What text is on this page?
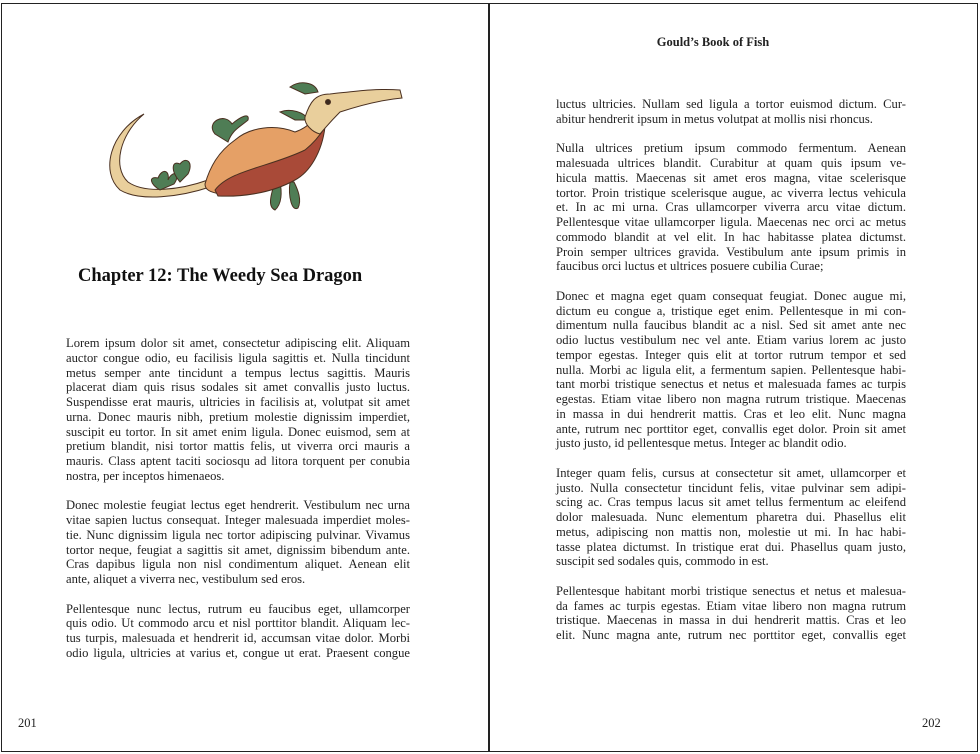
Chapter 12: The Weedy Sea Dragon
Lorem ipsum dolor sit amet, consectetur adipiscing elit. Aliquam
auctor congue odio, eu facilisis ligula sagittis et. Nulla tincidunt
metus semper ante tincidunt a tempus lectus sagittis. Mauris
placerat diam quis risus sodales sit amet convallis justo luctus.
Suspendisse erat mauris, ultricies in facilisis at, volutpat sit amet
urna. Donec mauris nibh, pretium molestie dignissim imperdiet,
suscipit eu tortor. In sit amet enim ligula. Donec euismod, sem at
pretium blandit, nisi tortor mattis felis, ut viverra orci mauris a
mauris. Class aptent taciti sociosqu ad litora torquent per conubia
nostra, per inceptos himenaeos.
Donec molestie feugiat lectus eget hendrerit. Vestibulum nec urna
vitae sapien luctus consequat. Integer malesuada imperdiet moles-
tie. Nunc dignissim ligula nec tortor adipiscing pulvinar. Vivamus
tortor neque, feugiat a sagittis sit amet, dignissim bibendum ante.
Cras dapibus ligula non nisl condimentum aliquet. Aenean elit
ante, aliquet a viverra nec, vestibulum sed eros.
Pellentesque nunc lectus, rutrum eu faucibus eget, ullamcorper
quis odio. Ut commodo arcu et nisl porttitor blandit. Aliquam lec-
tus turpis, malesuada et hendrerit id, accumsan vitae dolor. Morbi
odio ligula, ultricies at varius et, congue ut erat. Praesent congue
201
Gould’s Book of Fish
luctus ultricies. Nullam sed ligula a tortor euismod dictum. Cur-
abitur hendrerit ipsum in metus volutpat at mollis nisi rhoncus.
Nulla ultrices pretium ipsum commodo fermentum. Aenean
malesuada ultrices blandit. Curabitur at quam quis ipsum ve-
hicula mattis. Maecenas sit amet eros magna, vitae scelerisque
tortor. Proin tristique scelerisque augue, ac viverra lectus vehicula
et. In ac mi urna. Cras ullamcorper viverra arcu vitae dictum.
Pellentesque vitae ullamcorper ligula. Maecenas nec orci ac metus
commodo blandit at vel elit. In hac habitasse platea dictumst.
Proin semper ultrices gravida. Vestibulum ante ipsum primis in
faucibus orci luctus et ultrices posuere cubilia Curae;
Donec et magna eget quam consequat feugiat. Donec augue mi,
dictum eu congue a, tristique eget enim. Pellentesque in mi con-
dimentum nulla faucibus blandit ac a nisl. Sed sit amet ante nec
odio luctus vestibulum nec vel ante. Etiam varius lorem ac justo
tempor egestas. Integer quis elit at tortor rutrum tempor et sed
nulla. Morbi ac ligula elit, a fermentum sapien. Pellentesque habi-
tant morbi tristique senectus et netus et malesuada fames ac turpis
egestas. Etiam vitae libero non magna rutrum tristique. Maecenas
in massa in dui hendrerit mattis. Cras et leo elit. Nunc magna
ante, rutrum nec porttitor eget, convallis eget dolor. Proin sit amet
justo justo, id pellentesque metus. Integer ac blandit odio.
Integer quam felis, cursus at consectetur sit amet, ullamcorper et
justo. Nulla consectetur tincidunt felis, vitae pulvinar sem adipi-
scing ac. Cras tempus lacus sit amet tellus fermentum ac eleifend
dolor malesuada. Nunc elementum pharetra dui. Phasellus elit
metus, adipiscing non mattis non, molestie ut mi. In hac habi-
tasse platea dictumst. In tristique erat dui. Phasellus quam justo,
suscipit sed sodales quis, commodo in est.
Pellentesque habitant morbi tristique senectus et netus et malesua-
da fames ac turpis egestas. Etiam vitae libero non magna rutrum
tristique. Maecenas in massa in dui hendrerit mattis. Cras et leo
elit. Nunc magna ante, rutrum nec porttitor eget, convallis eget
202
